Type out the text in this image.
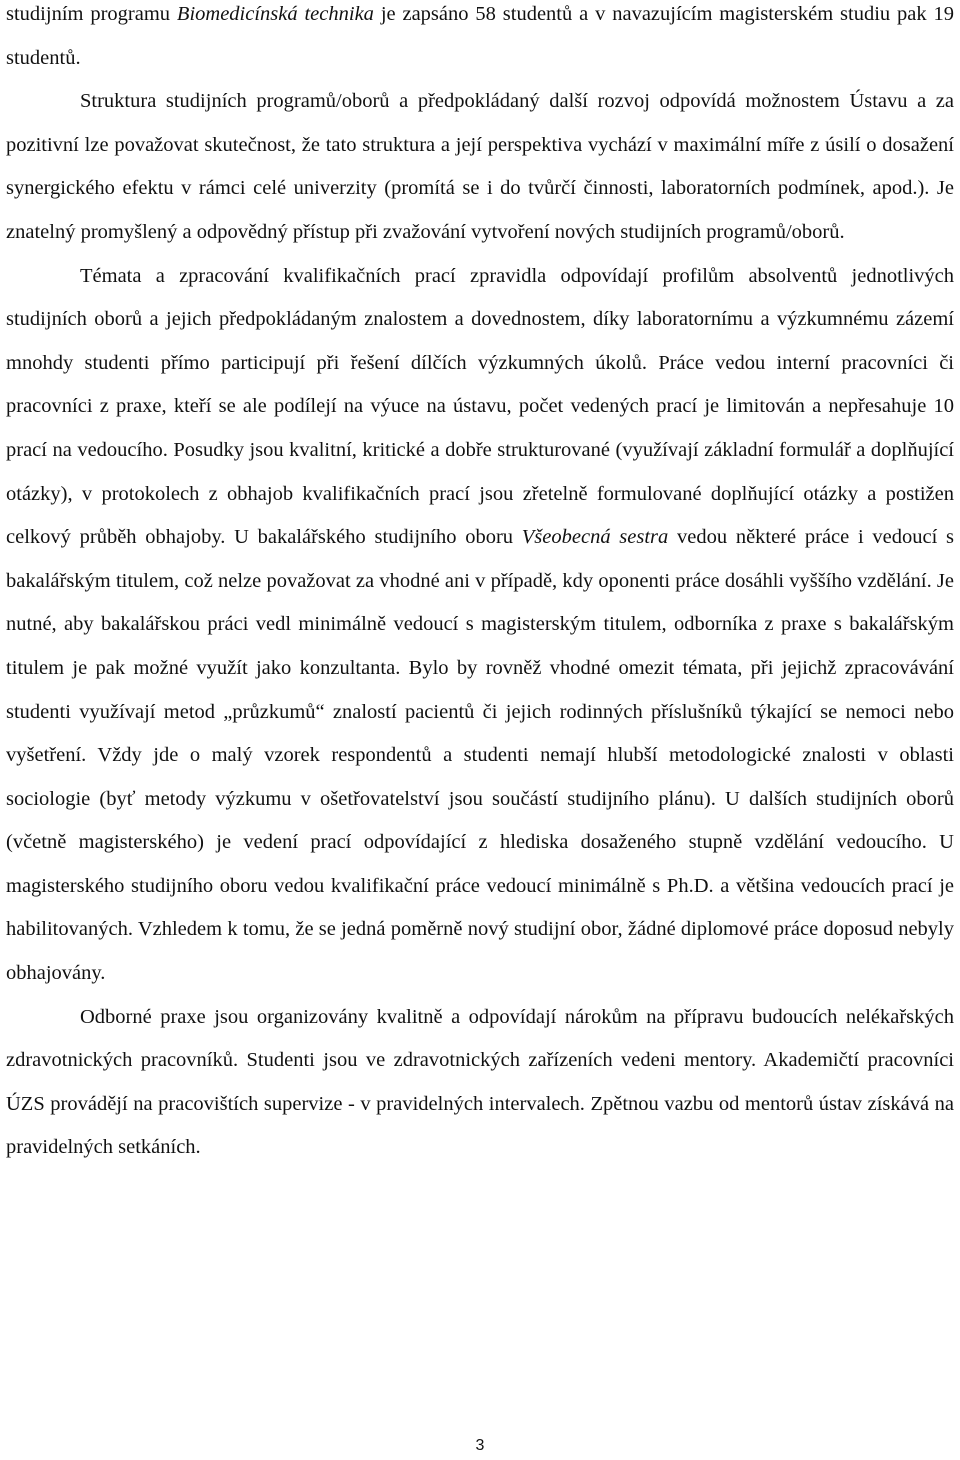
studijním programu Biomedicínská technika je zapsáno 58 studentů a v navazujícím magisterském studiu pak 19 studentů.

Struktura studijních programů/oborů a předpokládaný další rozvoj odpovídá možnostem Ústavu a za pozitivní lze považovat skutečnost, že tato struktura a její perspektiva vychází v maximální míře z úsilí o dosažení synergického efektu v rámci celé univerzity (promítá se i do tvůrčí činnosti, laboratorních podmínek, apod.). Je znatelný promyšlený a odpovědný přístup při zvažování vytvoření nových studijních programů/oborů.

Témata a zpracování kvalifikačních prací zpravidla odpovídají profilům absolventů jednotlivých studijních oborů a jejich předpokládaným znalostem a dovednostem, díky laboratornímu a výzkumnému zázemí mnohdy studenti přímo participují při řešení dílčích výzkumných úkolů. Práce vedou interní pracovníci či pracovníci z praxe, kteří se ale podílejí na výuce na ústavu, počet vedených prací je limitován a nepřesahuje 10 prací na vedoucího. Posudky jsou kvalitní, kritické a dobře strukturované (využívají základní formulář a doplňující otázky), v protokolech z obhajob kvalifikačních prací jsou zřetelně formulované doplňující otázky a postižen celkový průběh obhajoby. U bakalářského studijního oboru Všeobecná sestra vedou některé práce i vedoucí s bakalářským titulem, což nelze považovat za vhodné ani v případě, kdy oponenti práce dosáhli vyššího vzdělání. Je nutné, aby bakalářskou práci vedl minimálně vedoucí s magisterským titulem, odborníka z praxe s bakalářským titulem je pak možné využít jako konzultanta. Bylo by rovněž vhodné omezit témata, při jejichž zpracovávání studenti využívají metod „průzkumů“ znalostí pacientů či jejich rodinných příslušníků týkající se nemoci nebo vyšetření. Vždy jde o malý vzorek respondentů a studenti nemají hlubší metodologické znalosti v oblasti sociologie (byť metody výzkumu v ošetřovatelství jsou součástí studijního plánu). U dalších studijních oborů (včetně magisterského) je vedení prací odpovídající z hlediska dosaženého stupně vzdělání vedoucího. U magisterského studijního oboru vedou kvalifikační práce vedoucí minimálně s Ph.D. a většina vedoucích prací je habilitovaných. Vzhledem k tomu, že se jedná poměrně nový studijní obor, žádné diplomové práce doposud nebyly obhajovány.

Odborné praxe jsou organizovány kvalitně a odpovídají nárokům na přípravu budoucích nelékařských zdravotnických pracovníků. Studenti jsou ve zdravotnických zařízeních vedeni mentory. Akademičtí pracovníci ÚZS provádějí na pracovištích supervize - v pravidelných intervalech. Zpětnou vazbu od mentorů ústav získává na pravidelných setkáních.

3
